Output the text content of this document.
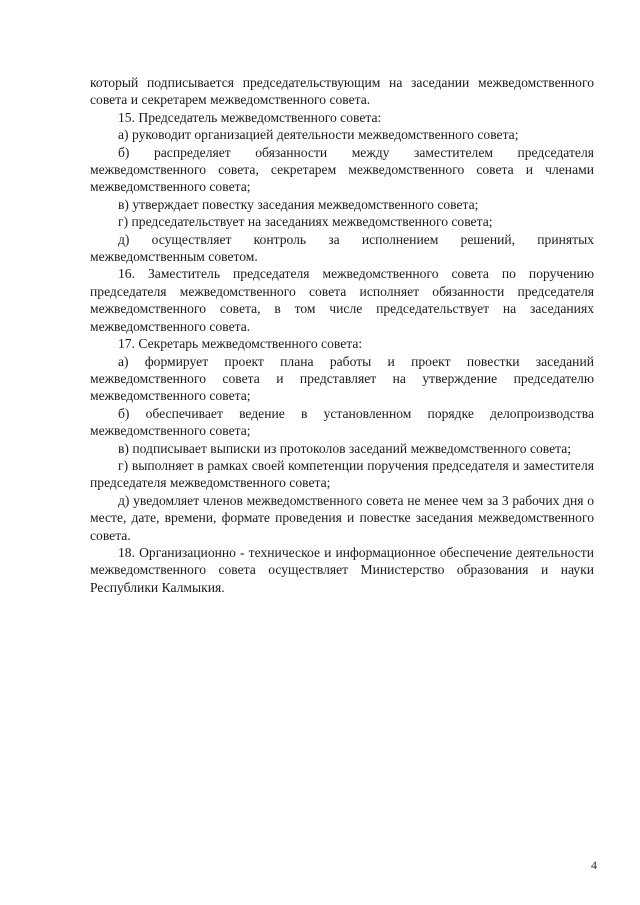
который подписывается председательствующим на заседании межведомственного совета и секретарем межведомственного совета.

15. Председатель межведомственного совета:

а) руководит организацией деятельности межведомственного совета;

б) распределяет обязанности между заместителем председателя межведомственного совета, секретарем межведомственного совета и членами межведомственного совета;

в) утверждает повестку заседания межведомственного совета;

г) председательствует на заседаниях межведомственного совета;

д) осуществляет контроль за исполнением решений, принятых межведомственным советом.

16. Заместитель председателя межведомственного совета по поручению председателя межведомственного совета исполняет обязанности председателя межведомственного совета, в том числе председательствует на заседаниях межведомственного совета.

17. Секретарь межведомственного совета:

а) формирует проект плана работы и проект повестки заседаний межведомственного совета и представляет на утверждение председателю межведомственного совета;

б) обеспечивает ведение в установленном порядке делопроизводства межведомственного совета;

в) подписывает выписки из протоколов заседаний межведомственного совета;

г) выполняет в рамках своей компетенции поручения председателя и заместителя председателя межведомственного совета;

д) уведомляет членов межведомственного совета не менее чем за 3 рабочих дня о месте, дате, времени, формате проведения и повестке заседания межведомственного совета.

18. Организационно - техническое и информационное обеспечение деятельности межведомственного совета осуществляет Министерство образования и науки Республики Калмыкия.

4
